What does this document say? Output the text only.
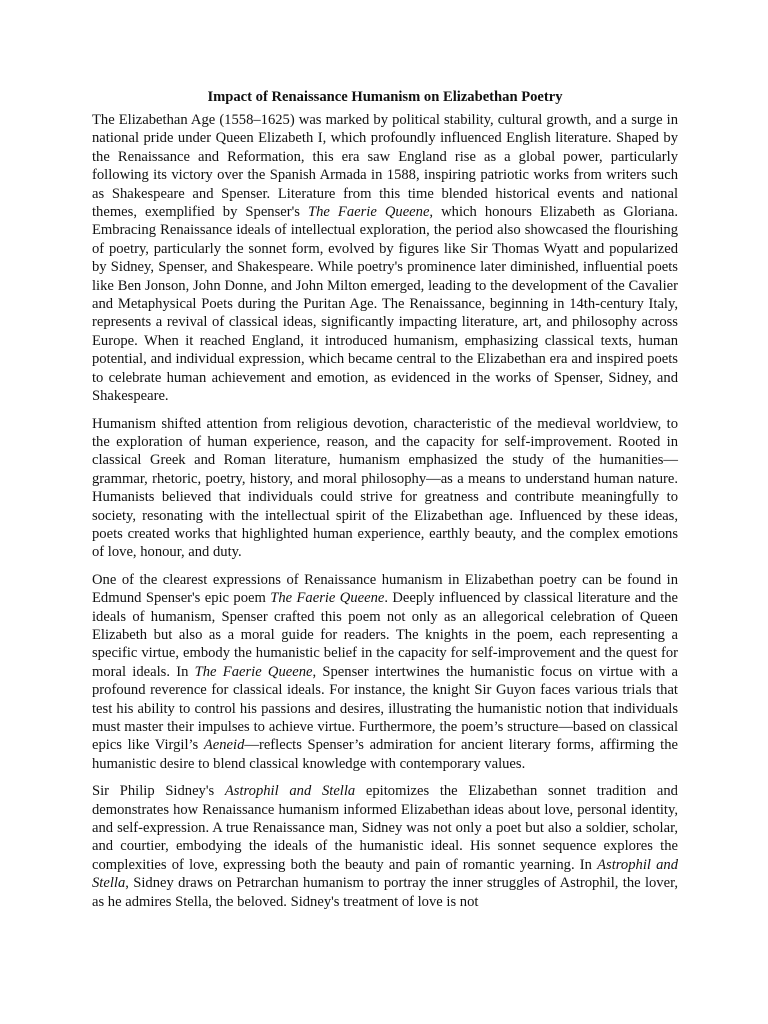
Impact of Renaissance Humanism on Elizabethan Poetry

The Elizabethan Age (1558–1625) was marked by political stability, cultural growth, and a surge in national pride under Queen Elizabeth I, which profoundly influenced English literature. Shaped by the Renaissance and Reformation, this era saw England rise as a global power, particularly following its victory over the Spanish Armada in 1588, inspiring patriotic works from writers such as Shakespeare and Spenser. Literature from this time blended historical events and national themes, exemplified by Spenser's The Faerie Queene, which honours Elizabeth as Gloriana. Embracing Renaissance ideals of intellectual exploration, the period also showcased the flourishing of poetry, particularly the sonnet form, evolved by figures like Sir Thomas Wyatt and popularized by Sidney, Spenser, and Shakespeare. While poetry's prominence later diminished, influential poets like Ben Jonson, John Donne, and John Milton emerged, leading to the development of the Cavalier and Metaphysical Poets during the Puritan Age. The Renaissance, beginning in 14th-century Italy, represents a revival of classical ideas, significantly impacting literature, art, and philosophy across Europe. When it reached England, it introduced humanism, emphasizing classical texts, human potential, and individual expression, which became central to the Elizabethan era and inspired poets to celebrate human achievement and emotion, as evidenced in the works of Spenser, Sidney, and Shakespeare.

Humanism shifted attention from religious devotion, characteristic of the medieval worldview, to the exploration of human experience, reason, and the capacity for self-improvement. Rooted in classical Greek and Roman literature, humanism emphasized the study of the humanities—grammar, rhetoric, poetry, history, and moral philosophy—as a means to understand human nature. Humanists believed that individuals could strive for greatness and contribute meaningfully to society, resonating with the intellectual spirit of the Elizabethan age. Influenced by these ideas, poets created works that highlighted human experience, earthly beauty, and the complex emotions of love, honour, and duty.

One of the clearest expressions of Renaissance humanism in Elizabethan poetry can be found in Edmund Spenser's epic poem The Faerie Queene. Deeply influenced by classical literature and the ideals of humanism, Spenser crafted this poem not only as an allegorical celebration of Queen Elizabeth but also as a moral guide for readers. The knights in the poem, each representing a specific virtue, embody the humanistic belief in the capacity for self-improvement and the quest for moral ideals. In The Faerie Queene, Spenser intertwines the humanistic focus on virtue with a profound reverence for classical ideals. For instance, the knight Sir Guyon faces various trials that test his ability to control his passions and desires, illustrating the humanistic notion that individuals must master their impulses to achieve virtue. Furthermore, the poem’s structure—based on classical epics like Virgil’s Aeneid—reflects Spenser’s admiration for ancient literary forms, affirming the humanistic desire to blend classical knowledge with contemporary values.

Sir Philip Sidney's Astrophil and Stella epitomizes the Elizabethan sonnet tradition and demonstrates how Renaissance humanism informed Elizabethan ideas about love, personal identity, and self-expression. A true Renaissance man, Sidney was not only a poet but also a soldier, scholar, and courtier, embodying the ideals of the humanistic ideal. His sonnet sequence explores the complexities of love, expressing both the beauty and pain of romantic yearning. In Astrophil and Stella, Sidney draws on Petrarchan humanism to portray the inner struggles of Astrophil, the lover, as he admires Stella, the beloved. Sidney's treatment of love is not
